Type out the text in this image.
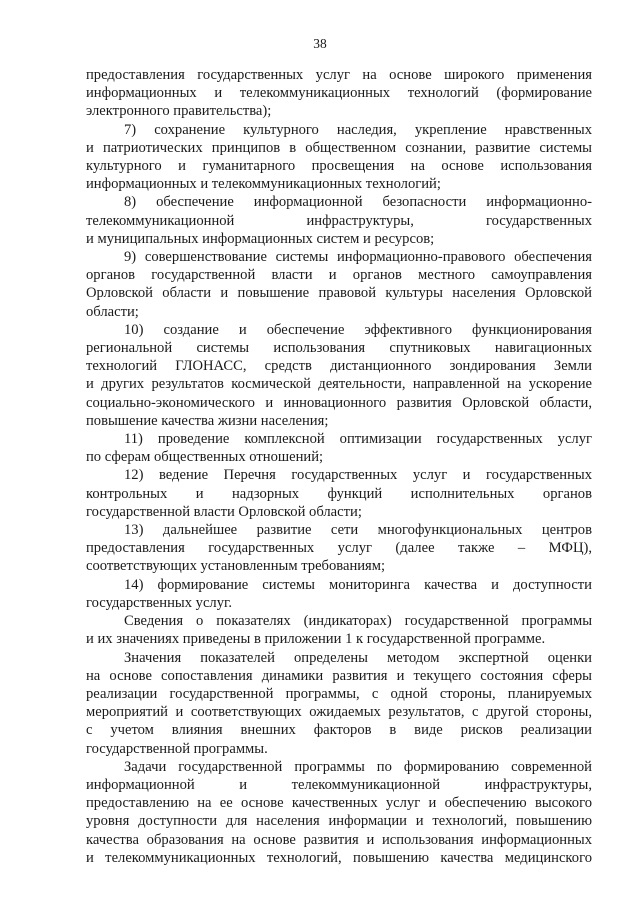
38
предоставления государственных услуг на основе широкого применения
информационных и телекоммуникационных технологий (формирование
электронного правительства);
7) сохранение культурного наследия, укрепление нравственных
и патриотических принципов в общественном сознании, развитие системы
культурного и гуманитарного просвещения на основе использования
информационных и телекоммуникационных технологий;
8) обеспечение информационной безопасности информационно-
телекоммуникационной инфраструктуры, государственных
и муниципальных информационных систем и ресурсов;
9) совершенствование системы информационно-правового обеспечения
органов государственной власти и органов местного самоуправления
Орловской области и повышение правовой культуры населения Орловской
области;
10) создание и обеспечение эффективного функционирования
региональной системы использования спутниковых навигационных
технологий ГЛОНАСС, средств дистанционного зондирования Земли
и других результатов космической деятельности, направленной на ускорение
социально-экономического и инновационного развития Орловской области,
повышение качества жизни населения;
11) проведение комплексной оптимизации государственных услуг
по сферам общественных отношений;
12) ведение Перечня государственных услуг и государственных
контрольных и надзорных функций исполнительных органов
государственной власти Орловской области;
13) дальнейшее развитие сети многофункциональных центров
предоставления государственных услуг (далее также – МФЦ),
соответствующих установленным требованиям;
14) формирование системы мониторинга качества и доступности
государственных услуг.
Сведения о показателях (индикаторах) государственной программы
и их значениях приведены в приложении 1 к государственной программе.
Значения показателей определены методом экспертной оценки
на основе сопоставления динамики развития и текущего состояния сферы
реализации государственной программы, с одной стороны, планируемых
мероприятий и соответствующих ожидаемых результатов, с другой стороны,
с учетом влияния внешних факторов в виде рисков реализации
государственной программы.
Задачи государственной программы по формированию современной
информационной и телекоммуникационной инфраструктуры,
предоставлению на ее основе качественных услуг и обеспечению высокого
уровня доступности для населения информации и технологий, повышению
качества образования на основе развития и использования информационных
и телекоммуникационных технологий, повышению качества медицинского
